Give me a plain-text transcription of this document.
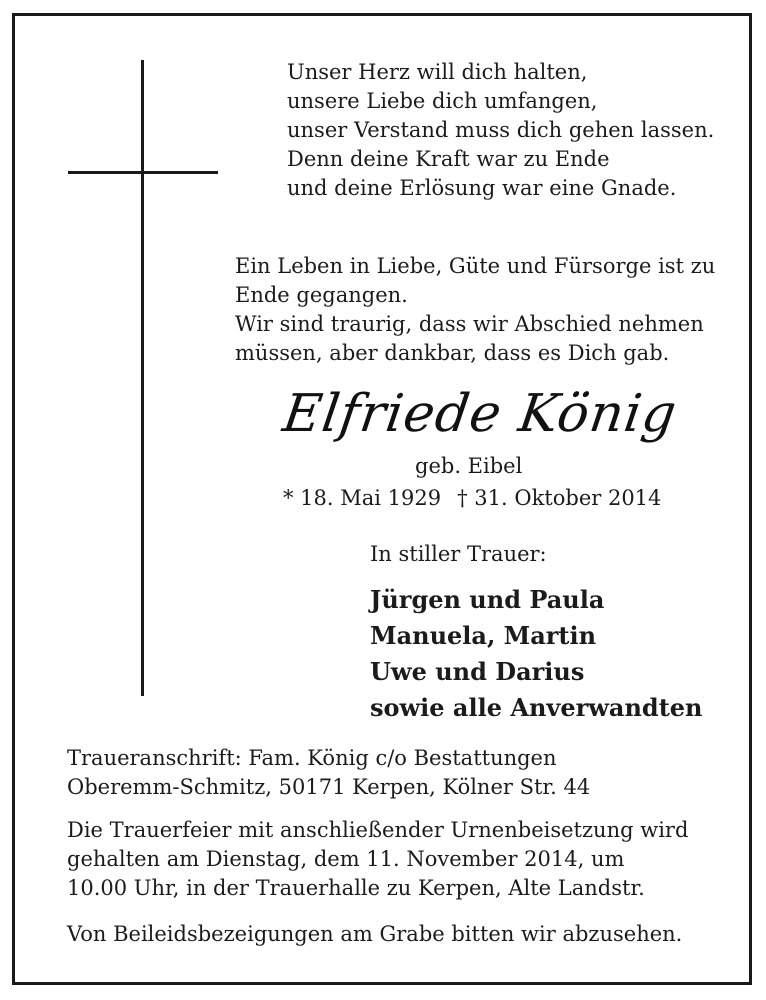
Unser Herz will dich halten,
unsere Liebe dich umfangen,
unser Verstand muss dich gehen lassen.
Denn deine Kraft war zu Ende
und deine Erlösung war eine Gnade.

Ein Leben in Liebe, Güte und Fürsorge ist zu
Ende gegangen.
Wir sind traurig, dass wir Abschied nehmen
müssen, aber dankbar, dass es Dich gab.

Elfriede König
geb. Eibel
* 18. Mai 1929 † 31. Oktober 2014
In stiller Trauer:
Jürgen und Paula
Manuela, Martin
Uwe und Darius
sowie alle Anverwandten

Traueranschrift: Fam. König c/o Bestattungen
Oberemm-Schmitz, 50171 Kerpen, Kölner Str. 44

Die Trauerfeier mit anschließender Urnenbeisetzung wird
gehalten am Dienstag, dem 11. November 2014, um
10.00 Uhr, in der Trauerhalle zu Kerpen, Alte Landstr.

Von Beileidsbezeigungen am Grabe bitten wir abzusehen.
